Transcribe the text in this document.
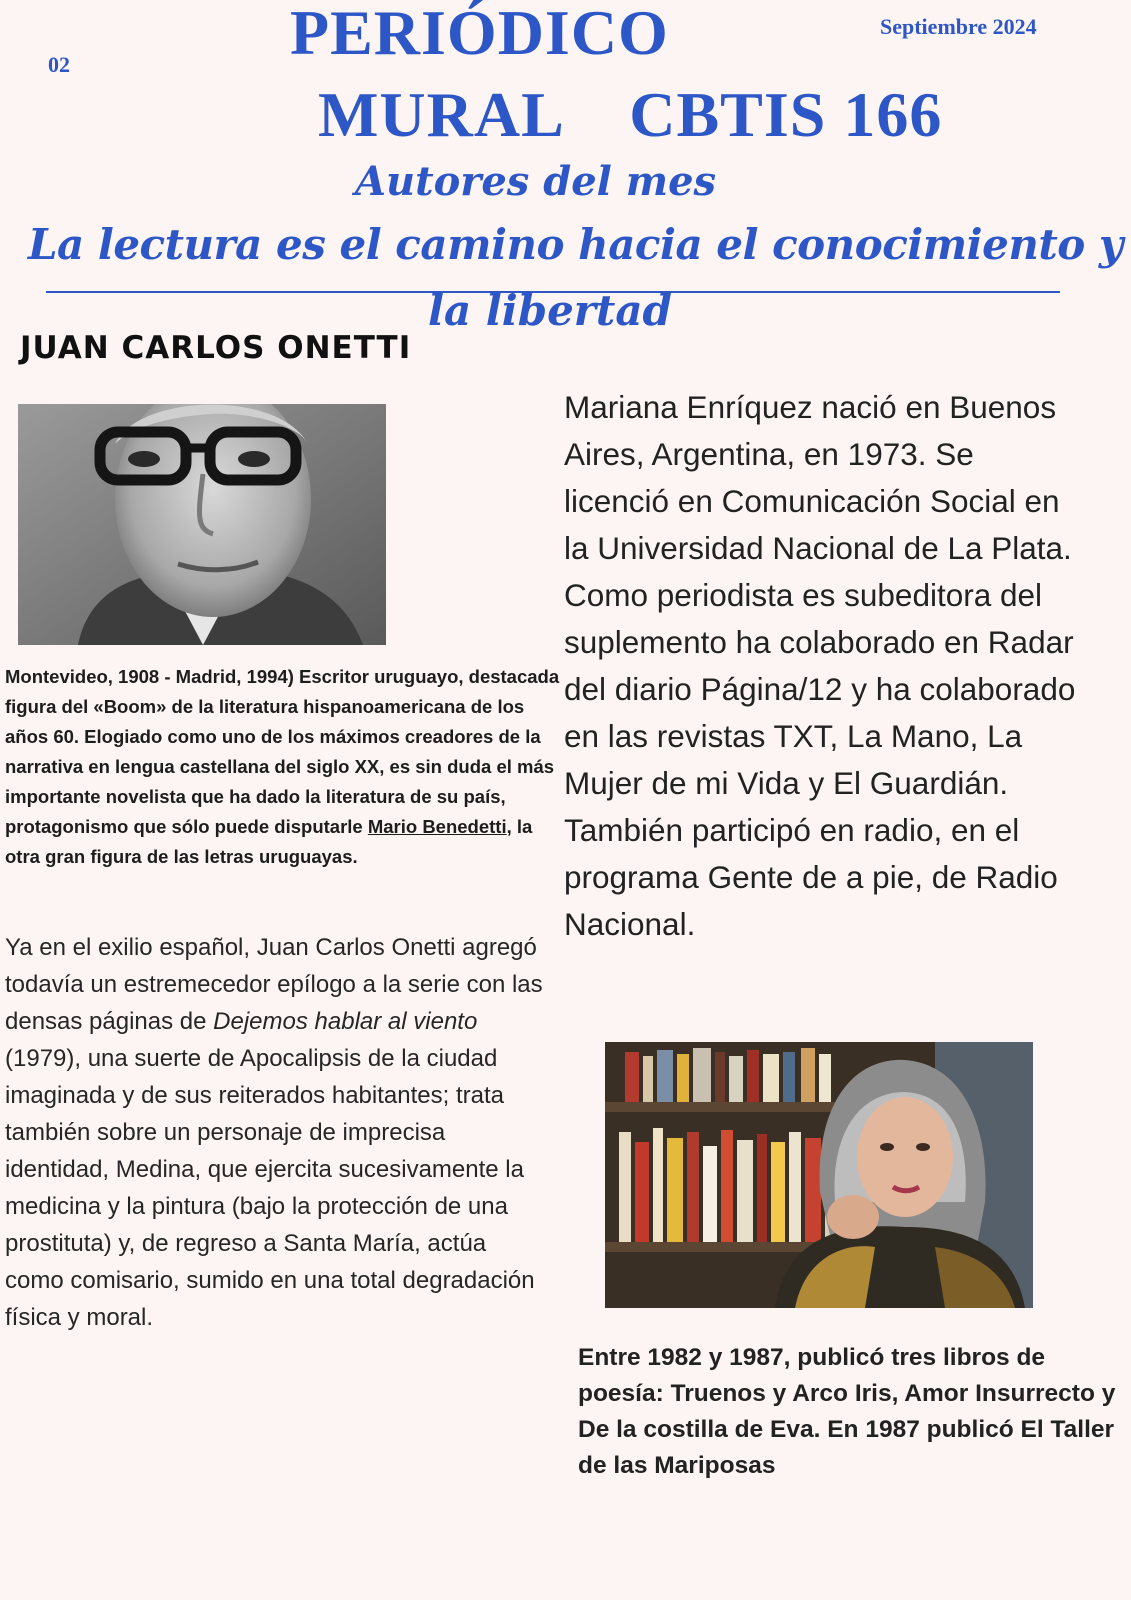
02
Septiembre 2024
PERIÓDICO
MURAL    CBTIS 166
Autores del mes
La lectura es el camino hacia el conocimiento y
la libertad
JUAN CARLOS ONETTI

Montevideo, 1908 - Madrid, 1994) Escritor uruguayo, destacada figura del «Boom» de la literatura hispanoamericana de los años 60. Elogiado como uno de los máximos creadores de la narrativa en lengua castellana del siglo XX, es sin duda el más importante novelista que ha dado la literatura de su país, protagonismo que sólo puede disputarle Mario Benedetti, la otra gran figura de las letras uruguayas.

Ya en el exilio español, Juan Carlos Onetti agregó todavía un estremecedor epílogo a la serie con las densas páginas de Dejemos hablar al viento (1979), una suerte de Apocalipsis de la ciudad imaginada y de sus reiterados habitantes; trata también sobre un personaje de imprecisa identidad, Medina, que ejercita sucesivamente la medicina y la pintura (bajo la protección de una prostituta) y, de regreso a Santa María, actúa como comisario, sumido en una total degradación física y moral.

Mariana Enríquez nació en Buenos Aires, Argentina, en 1973. Se licenció en Comunicación Social en la Universidad Nacional de La Plata. Como periodista es subeditora del suplemento ha colaborado en Radar del diario Página/12 y ha colaborado en las revistas TXT, La Mano, La Mujer de mi Vida y El Guardián. También participó en radio, en el programa Gente de a pie, de Radio Nacional.

Entre 1982 y 1987, publicó tres libros de poesía: Truenos y Arco Iris, Amor Insurrecto y De la costilla de Eva. En 1987 publicó El Taller de las Mariposas
